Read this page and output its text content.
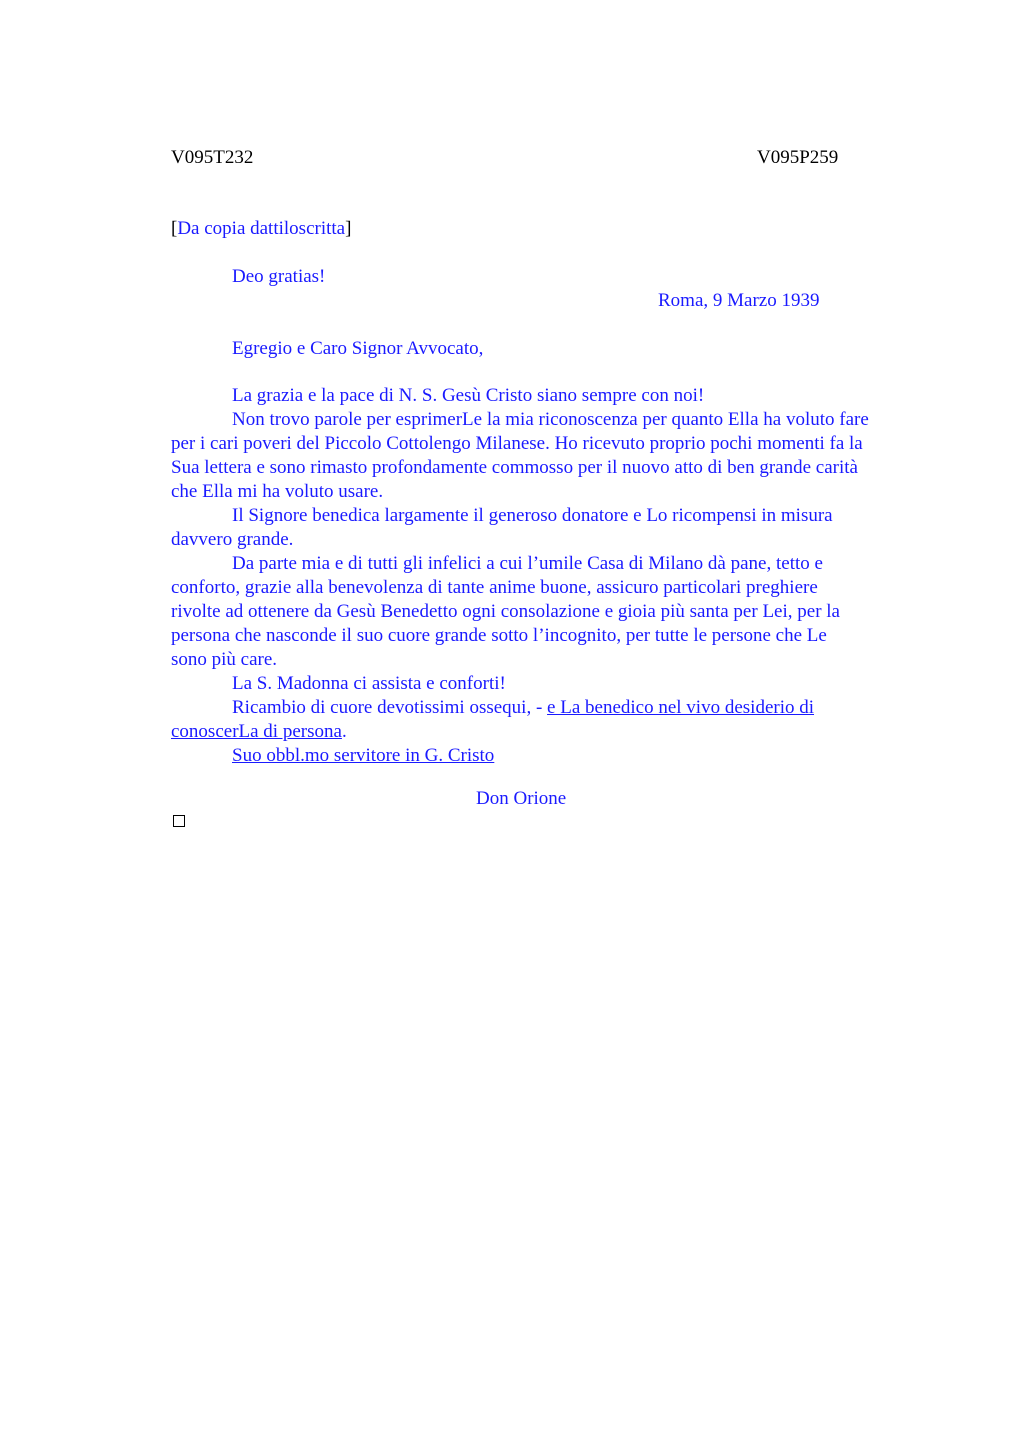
V095T232	V095P259
[Da copia dattiloscritta]
Deo gratias!
Roma, 9 Marzo 1939
Egregio e Caro Signor Avvocato,
La grazia e la pace di N. S. Gesù Cristo siano sempre con noi!
Non trovo parole per esprimerLe la mia riconoscenza per quanto Ella ha voluto fare
per i cari poveri del Piccolo Cottolengo Milanese. Ho ricevuto proprio pochi momenti fa la
Sua lettera e sono rimasto profondamente commosso per il nuovo atto di ben grande carità
che Ella mi ha voluto usare.
Il Signore benedica largamente il generoso donatore e Lo ricompensi in misura
davvero grande.
Da parte mia e di tutti gli infelici a cui l’umile Casa di Milano dà pane, tetto e
conforto, grazie alla benevolenza di tante anime buone, assicuro particolari preghiere
rivolte ad ottenere da Gesù Benedetto ogni consolazione e gioia più santa per Lei, per la
persona che nasconde il suo cuore grande sotto l’incognito, per tutte le persone che Le
sono più care.
La S. Madonna ci assista e conforti!
Ricambio di cuore devotissimi ossequi, - e La benedico nel vivo desiderio di
conoscerLa di persona.
Suo obbl.mo servitore in G. Cristo
Don Orione
